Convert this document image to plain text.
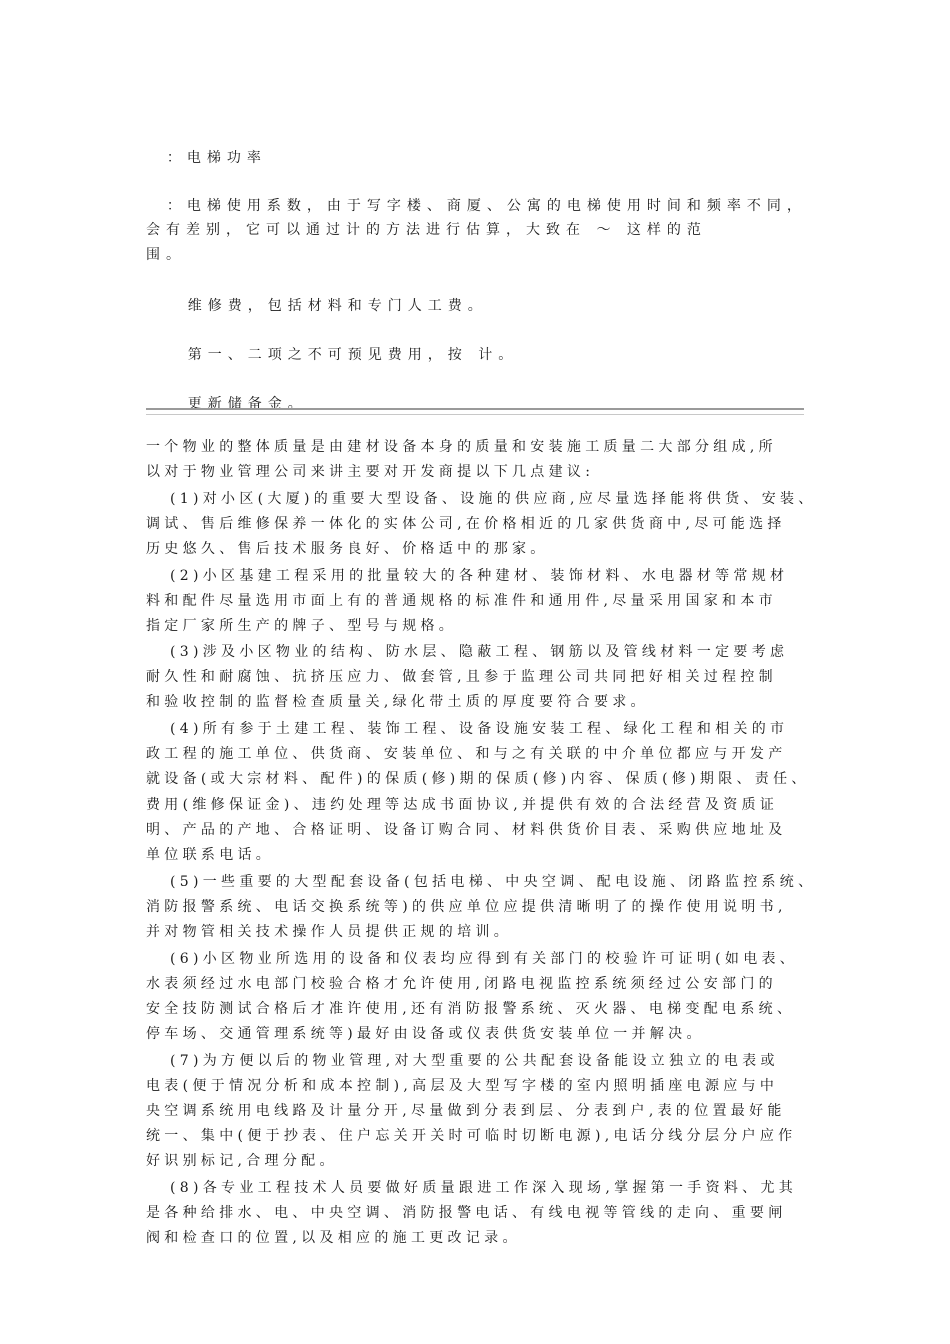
：电梯功率
：电梯使用系数，由于写字楼、商厦、公寓的电梯使用时间和频率不同，
会有差别，它可以通过计的方法进行估算，大致在 ～ 这样的范
围。
维修费，包括材料和专门人工费。
第一、二项之不可预见费用，按 计。
更新储备金。
一个物业的整体质量是由建材设备本身的质量和安装施工质量二大部分组成,所
以对于物业管理公司来讲主要对开发商提以下几点建议:
(1)对小区(大厦)的重要大型设备、设施的供应商,应尽量选择能将供货、安装、
调试、售后维修保养一体化的实体公司,在价格相近的几家供货商中,尽可能选择
历史悠久、售后技术服务良好、价格适中的那家。
(2)小区基建工程采用的批量较大的各种建材、装饰材料、水电器材等常规材
料和配件尽量选用市面上有的普通规格的标准件和通用件,尽量采用国家和本市
指定厂家所生产的牌子、型号与规格。
(3)涉及小区物业的结构、防水层、隐蔽工程、钢筋以及管线材料一定要考虑
耐久性和耐腐蚀、抗挤压应力、做套管,且参于监理公司共同把好相关过程控制
和验收控制的监督检查质量关,绿化带土质的厚度要符合要求。
(4)所有参于土建工程、装饰工程、设备设施安装工程、绿化工程和相关的市
政工程的施工单位、供货商、安装单位、和与之有关联的中介单位都应与开发产
就设备(或大宗材料、配件)的保质(修)期的保质(修)内容、保质(修)期限、责任、
费用(维修保证金)、违约处理等达成书面协议,并提供有效的合法经营及资质证
明、产品的产地、合格证明、设备订购合同、材料供货价目表、采购供应地址及
单位联系电话。
(5)一些重要的大型配套设备(包括电梯、中央空调、配电设施、闭路监控系统、
消防报警系统、电话交换系统等)的供应单位应提供清晰明了的操作使用说明书,
并对物管相关技术操作人员提供正规的培训。
(6)小区物业所选用的设备和仪表均应得到有关部门的校验许可证明(如电表、
水表须经过水电部门校验合格才允许使用,闭路电视监控系统须经过公安部门的
安全技防测试合格后才准许使用,还有消防报警系统、灭火器、电梯变配电系统、
停车场、交通管理系统等)最好由设备或仪表供货安装单位一并解决。
(7)为方便以后的物业管理,对大型重要的公共配套设备能设立独立的电表或
电表(便于情况分析和成本控制),高层及大型写字楼的室内照明插座电源应与中
央空调系统用电线路及计量分开,尽量做到分表到层、分表到户,表的位置最好能
统一、集中(便于抄表、住户忘关开关时可临时切断电源),电话分线分层分户应作
好识别标记,合理分配。
(8)各专业工程技术人员要做好质量跟进工作深入现场,掌握第一手资料、尤其
是各种给排水、电、中央空调、消防报警电话、有线电视等管线的走向、重要闸
阀和检查口的位置,以及相应的施工更改记录。
